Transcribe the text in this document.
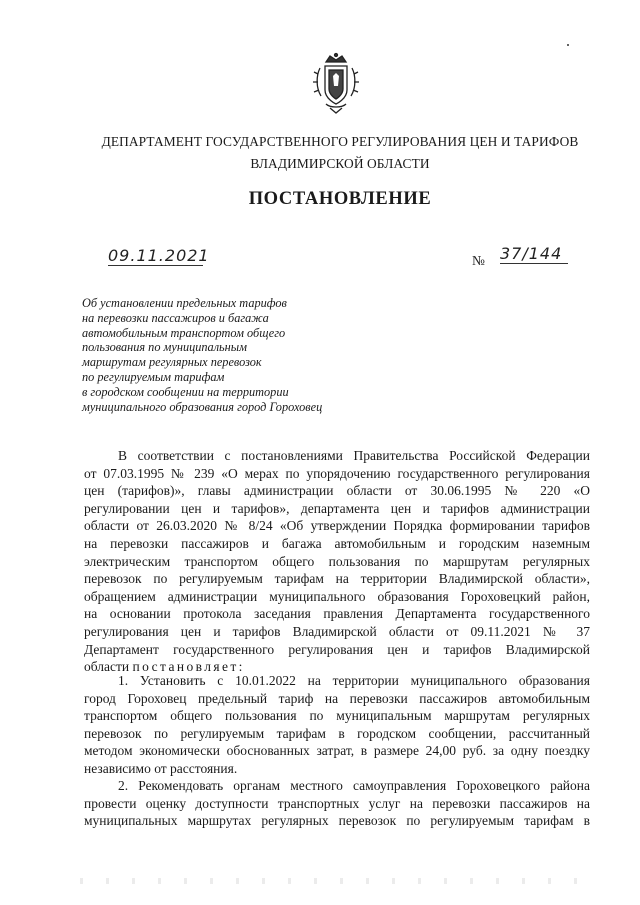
ДЕПАРТАМЕНТ ГОСУДАРСТВЕННОГО РЕГУЛИРОВАНИЯ ЦЕН И ТАРИФОВ
ВЛАДИМИРСКОЙ ОБЛАСТИ
ПОСТАНОВЛЕНИЕ
09.11.2021	№ 37/144
Об установлении предельных тарифов
на перевозки пассажиров и багажа
автомобильным транспортом общего
пользования по муниципальным
маршрутам регулярных перевозок
по регулируемым тарифам
в городском сообщении на территории
муниципального образования город Гороховец
В соответствии с постановлениями Правительства Российской Федерации
от 07.03.1995 № 239 «О мерах по упорядочению государственного регулирования
цен (тарифов)», главы администрации области от 30.06.1995 № 220 «О
регулировании цен и тарифов», департамента цен и тарифов администрации
области от 26.03.2020 № 8/24 «Об утверждении Порядка формировании тарифов
на перевозки пассажиров и багажа автомобильным и городским наземным
электрическим транспортом общего пользования по маршрутам регулярных
перевозок по регулируемым тарифам на территории Владимирской области»,
обращением администрации муниципального образования Гороховецкий район,
на основании протокола заседания правления Департамента государственного
регулирования цен и тарифов Владимирской области от 09.11.2021 № 37
Департамент государственного регулирования цен и тарифов Владимирской
области постановляет:
1. Установить с 10.01.2022 на территории муниципального образования
город Гороховец предельный тариф на перевозки пассажиров автомобильным
транспортом общего пользования по муниципальным маршрутам регулярных
перевозок по регулируемым тарифам в городском сообщении, рассчитанный
методом экономически обоснованных затрат, в размере 24,00 руб. за одну поездку
независимо от расстояния.
2. Рекомендовать органам местного самоуправления Гороховецкого района
провести оценку доступности транспортных услуг на перевозки пассажиров на
муниципальных маршрутах регулярных перевозок по регулируемым тарифам в
